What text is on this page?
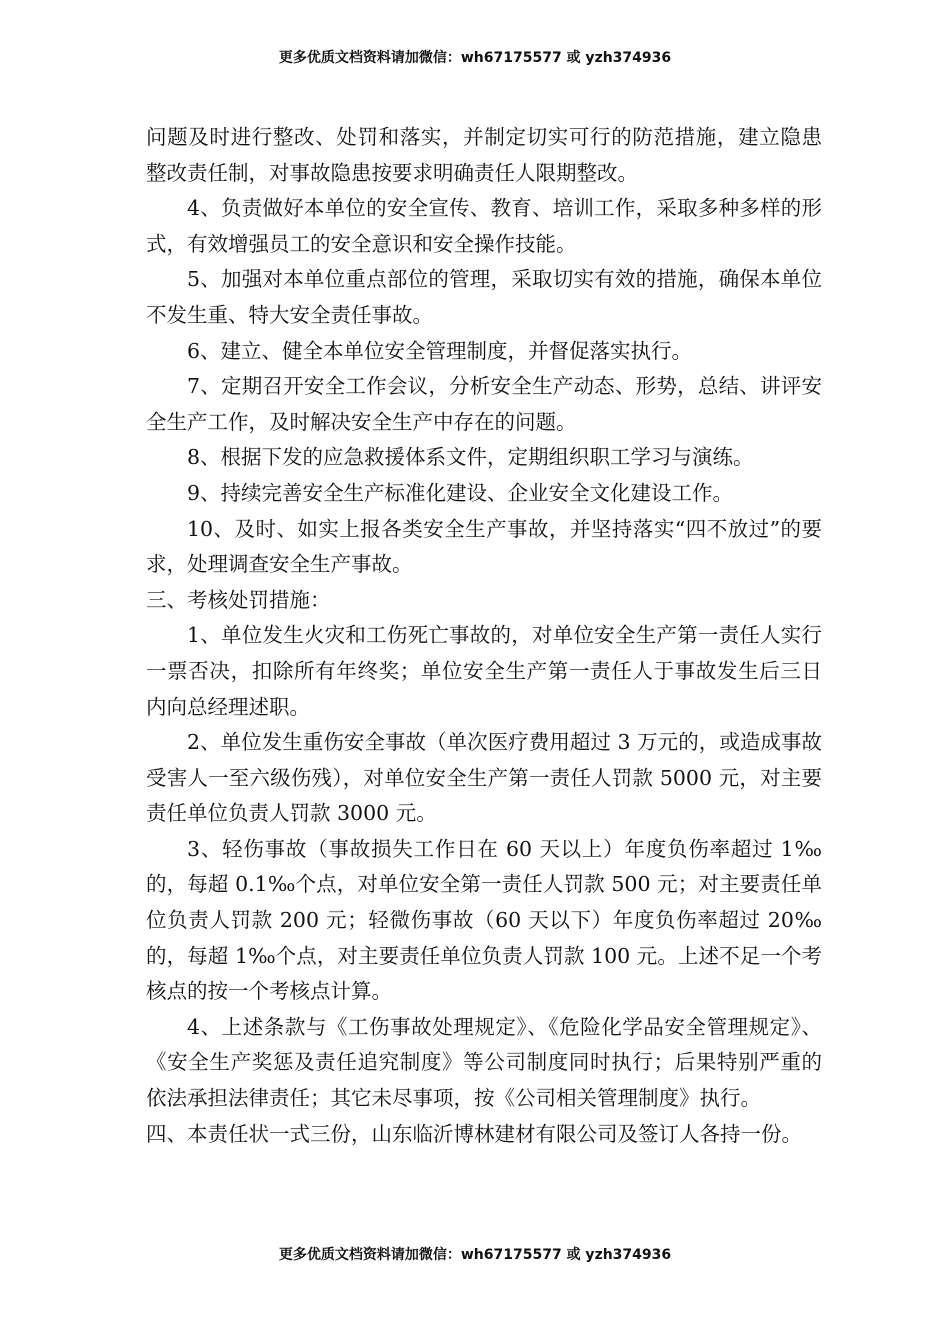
更多优质文档资料请加微信：wh67175577 或 yzh374936

问题及时进行整改、处罚和落实，并制定切实可行的防范措施，建立隐患整改责任制，对事故隐患按要求明确责任人限期整改。

4、负责做好本单位的安全宣传、教育、培训工作，采取多种多样的形式，有效增强员工的安全意识和安全操作技能。

5、加强对本单位重点部位的管理，采取切实有效的措施，确保本单位不发生重、特大安全责任事故。

6、建立、健全本单位安全管理制度，并督促落实执行。

7、定期召开安全工作会议，分析安全生产动态、形势，总结、讲评安全生产工作，及时解决安全生产中存在的问题。

8、根据下发的应急救援体系文件，定期组织职工学习与演练。

9、持续完善安全生产标准化建设、企业安全文化建设工作。

10、及时、如实上报各类安全生产事故，并坚持落实“四不放过”的要求，处理调查安全生产事故。

三、考核处罚措施：

1、单位发生火灾和工伤死亡事故的，对单位安全生产第一责任人实行一票否决，扣除所有年终奖；单位安全生产第一责任人于事故发生后三日内向总经理述职。

2、单位发生重伤安全事故（单次医疗费用超过 3 万元的，或造成事故受害人一至六级伤残），对单位安全生产第一责任人罚款 5000 元，对主要责任单位负责人罚款 3000 元。

3、轻伤事故（事故损失工作日在 60 天以上）年度负伤率超过 1‰的，每超 0.1‰个点，对单位安全第一责任人罚款 500 元；对主要责任单位负责人罚款 200 元；轻微伤事故（60 天以下）年度负伤率超过 20‰的，每超 1‰个点，对主要责任单位负责人罚款 100 元。上述不足一个考核点的按一个考核点计算。

4、上述条款与《工伤事故处理规定》、《危险化学品安全管理规定》、《安全生产奖惩及责任追究制度》等公司制度同时执行；后果特别严重的依法承担法律责任；其它未尽事项，按《公司相关管理制度》执行。

四、本责任状一式三份，山东临沂博林建材有限公司及签订人各持一份。

更多优质文档资料请加微信：wh67175577 或 yzh374936
